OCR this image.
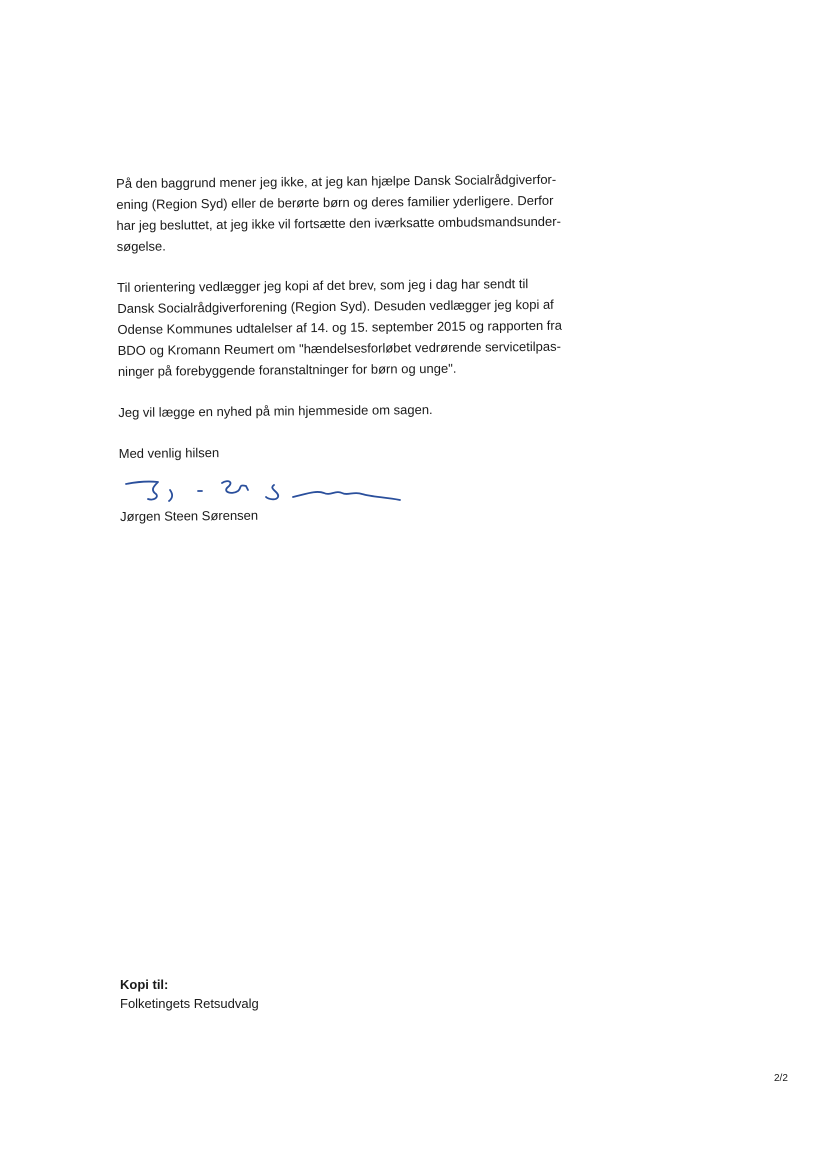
På den baggrund mener jeg ikke, at jeg kan hjælpe Dansk Socialrådgiverfor-
ening (Region Syd) eller de berørte børn og deres familier yderligere. Derfor
har jeg besluttet, at jeg ikke vil fortsætte den iværksatte ombudsmandsunder-
søgelse.

Til orientering vedlægger jeg kopi af det brev, som jeg i dag har sendt til
Dansk Socialrådgiverforening (Region Syd). Desuden vedlægger jeg kopi af
Odense Kommunes udtalelser af 14. og 15. september 2015 og rapporten fra
BDO og Kromann Reumert om "hændelsesforløbet vedrørende servicetilpas-
ninger på forebyggende foranstaltninger for børn og unge".

Jeg vil lægge en nyhed på min hjemmeside om sagen.

Med venlig hilsen

Jørgen Steen Sørensen
Kopi til:
Folketingets Retsudvalg
2/2
